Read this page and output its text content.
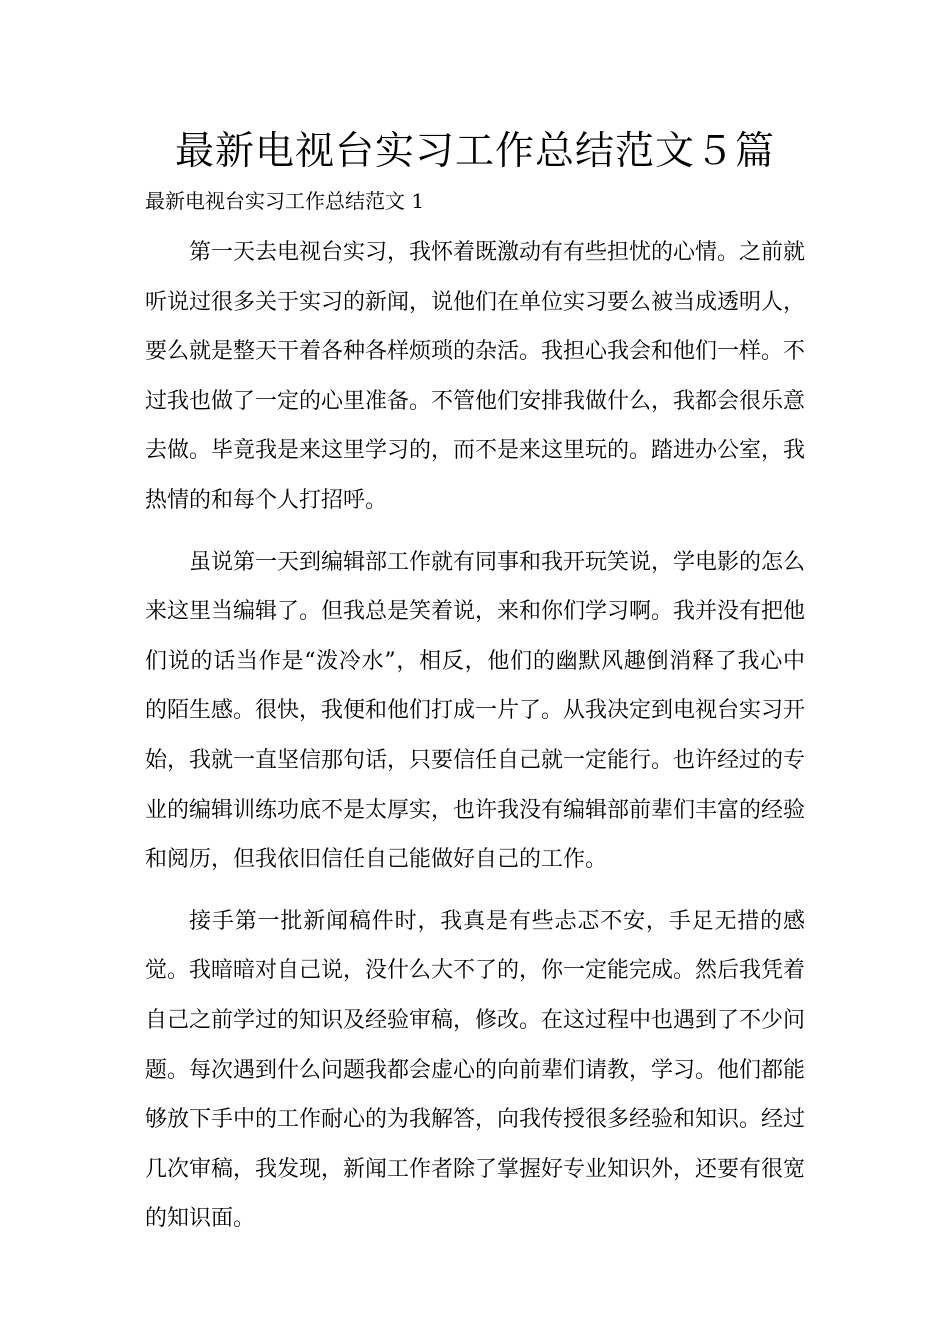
最新电视台实习工作总结范文５篇
最新电视台实习工作总结范文 1

第一天去电视台实习，我怀着既激动有有些担忧的心情。之前就听说过很多关于实习的新闻，说他们在单位实习要么被当成透明人，要么就是整天干着各种各样烦琐的杂活。我担心我会和他们一样。不过我也做了一定的心里准备。不管他们安排我做什么，我都会很乐意去做。毕竟我是来这里学习的，而不是来这里玩的。踏进办公室，我热情的和每个人打招呼。

虽说第一天到编辑部工作就有同事和我开玩笑说，学电影的怎么来这里当编辑了。但我总是笑着说，来和你们学习啊。我并没有把他们说的话当作是“泼冷水”，相反，他们的幽默风趣倒消释了我心中的陌生感。很快，我便和他们打成一片了。从我决定到电视台实习开始，我就一直坚信那句话，只要信任自己就一定能行。也许经过的专业的编辑训练功底不是太厚实，也许我没有编辑部前辈们丰富的经验和阅历，但我依旧信任自己能做好自己的工作。

接手第一批新闻稿件时，我真是有些忐忑不安，手足无措的感觉。我暗暗对自己说，没什么大不了的，你一定能完成。然后我凭着自己之前学过的知识及经验审稿，修改。在这过程中也遇到了不少问题。每次遇到什么问题我都会虚心的向前辈们请教，学习。他们都能够放下手中的工作耐心的为我解答，向我传授很多经验和知识。经过几次审稿，我发现，新闻工作者除了掌握好专业知识外，还要有很宽的知识面。
